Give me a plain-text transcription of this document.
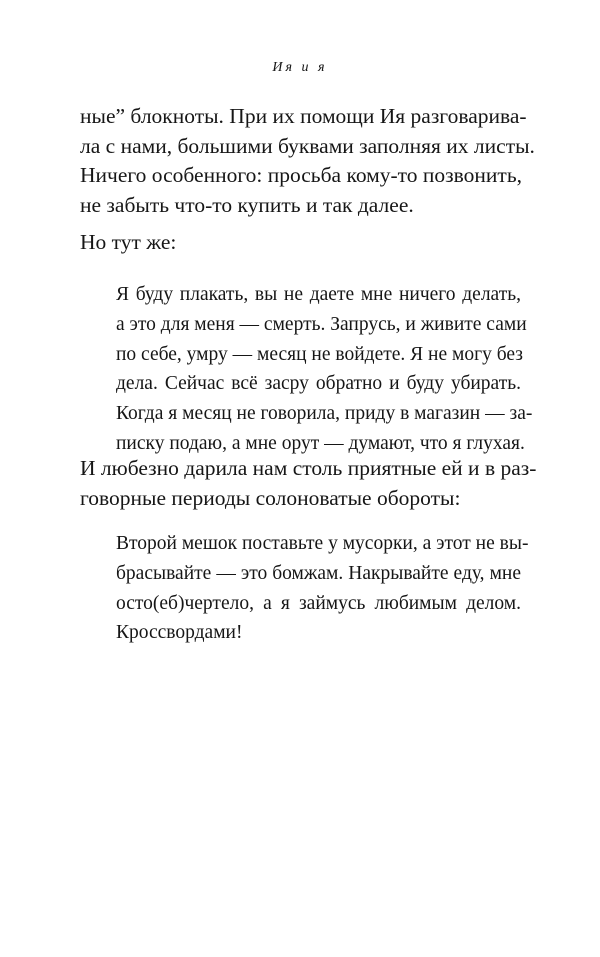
Ия и я
ные” блокноты. При их помощи Ия разговарива-
ла с нами, большими буквами заполняя их листы.
Ничего особенного: просьба кому-то позвонить,
не забыть что-то купить и так далее.
Но тут же:
Я буду плакать, вы не даете мне ничего делать,
а это для меня — смерть. Запрусь, и живите сами
по себе, умру — месяц не войдете. Я не могу без
дела. Сейчас всё засру обратно и буду убирать.
Когда я месяц не говорила, приду в магазин — за-
писку подаю, а мне орут — думают, что я глухая.
И любезно дарила нам столь приятные ей и в раз-
говорные периоды солоноватые обороты:
Второй мешок поставьте у мусорки, а этот не вы-
брасывайте — это бомжам. Накрывайте еду, мне
осто(еб)чертело, а я займусь любимым делом.
Кроссвордами!
